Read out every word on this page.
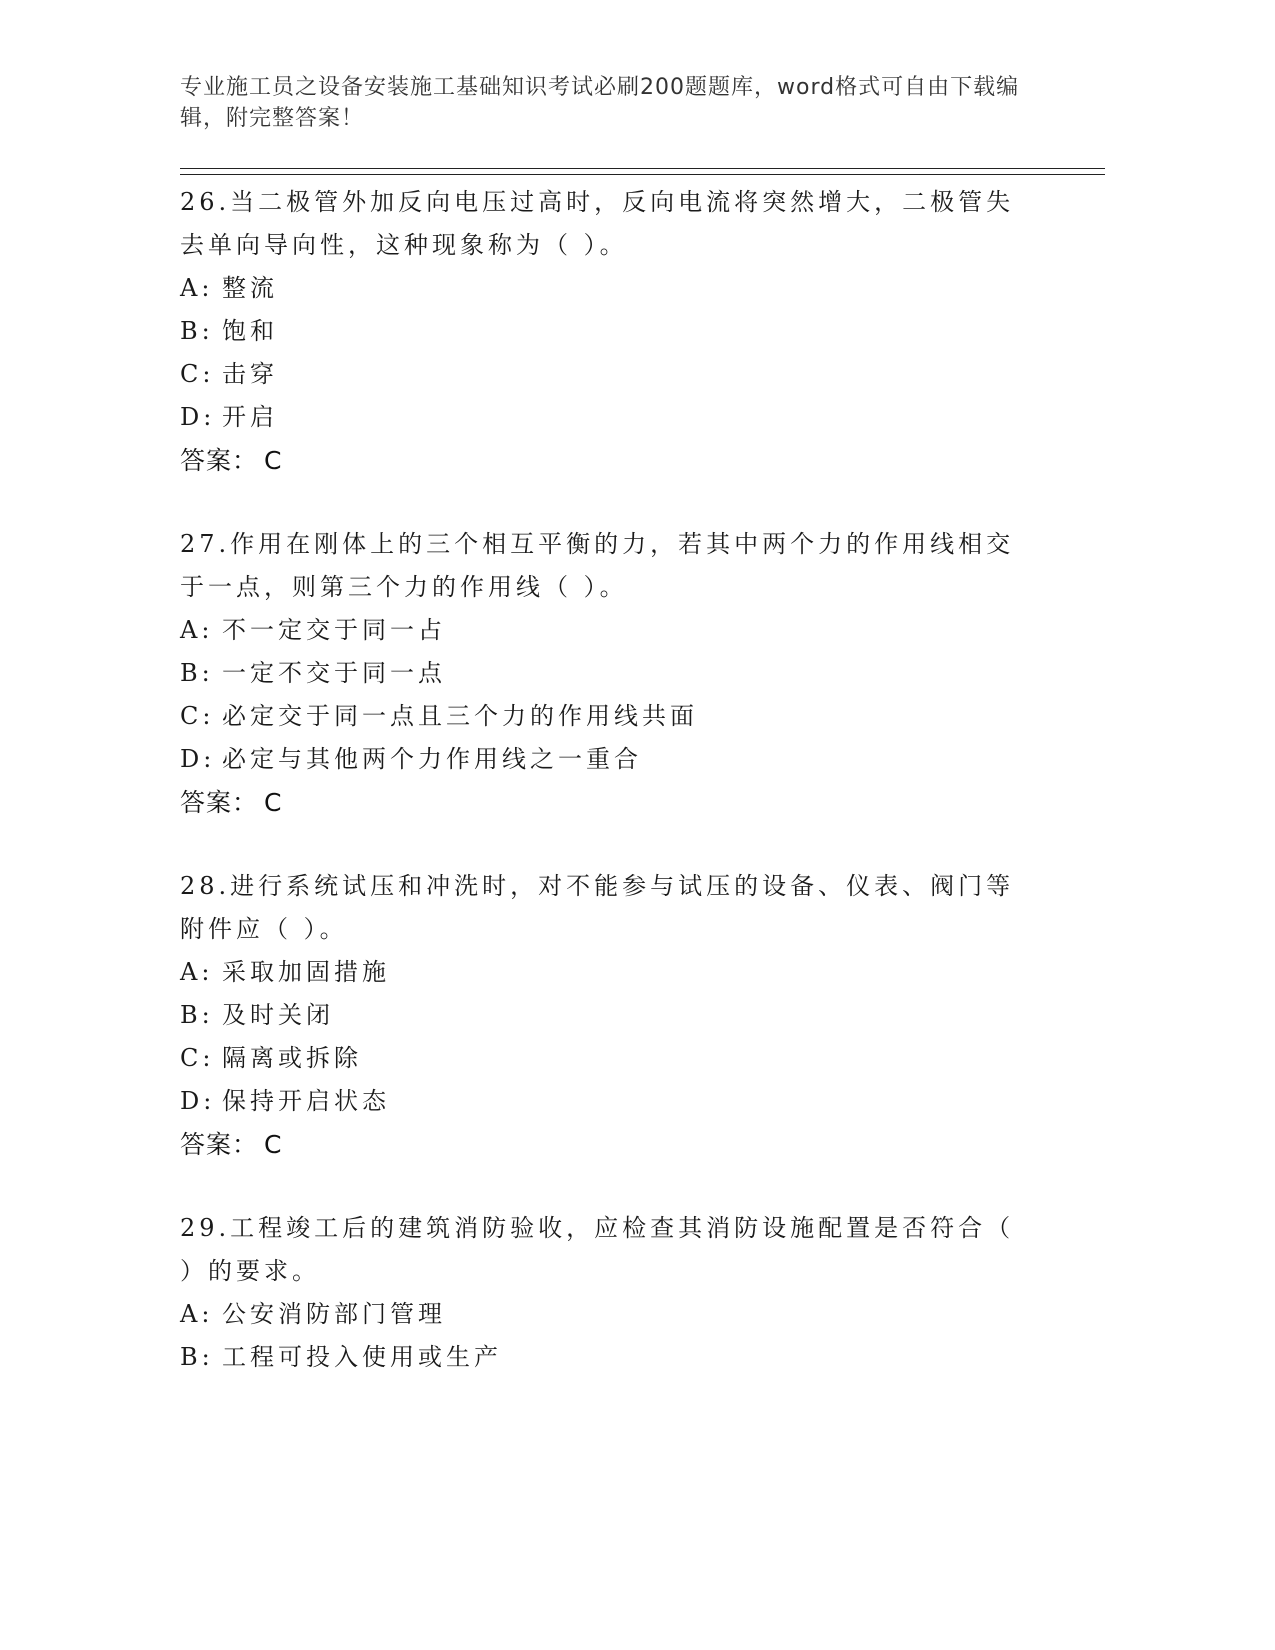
专业施工员之设备安装施工基础知识考试必刷200题题库，word格式可自由下载编辑，附完整答案！
26.当二极管外加反向电压过高时，反向电流将突然增大，二极管失去单向导向性，这种现象称为（ ）。
A: 整流
B: 饱和
C: 击穿
D: 开启
答案： C
27.作用在刚体上的三个相互平衡的力，若其中两个力的作用线相交于一点，则第三个力的作用线（ ）。
A: 不一定交于同一占
B: 一定不交于同一点
C: 必定交于同一点且三个力的作用线共面
D: 必定与其他两个力作用线之一重合
答案： C
28.进行系统试压和冲洗时，对不能参与试压的设备、仪表、阀门等附件应（ ）。
A: 采取加固措施
B: 及时关闭
C: 隔离或拆除
D: 保持开启状态
答案： C
29.工程竣工后的建筑消防验收，应检查其消防设施配置是否符合（ ）的要求。
A: 公安消防部门管理
B: 工程可投入使用或生产
